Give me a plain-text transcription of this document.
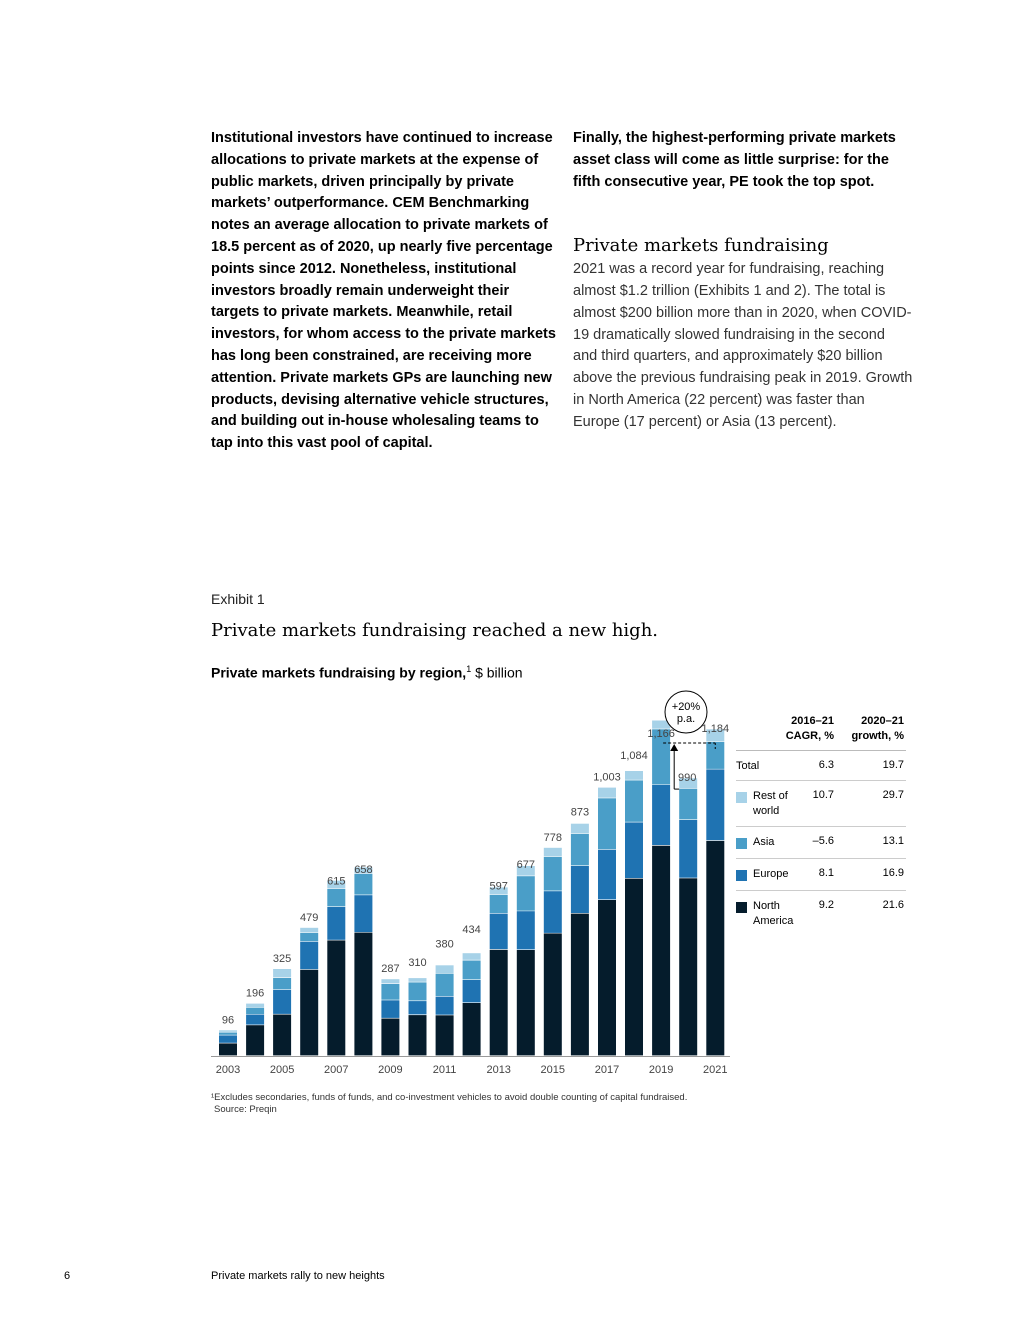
Institutional investors have continued to increase allocations to private markets at the expense of public markets, driven principally by private markets’ outperformance. CEM Benchmarking notes an average allocation to private markets of 18.5 percent as of 2020, up nearly five percentage points since 2012. Nonetheless, institutional investors broadly remain underweight their targets to private markets. Meanwhile, retail investors, for whom access to the private markets has long been constrained, are receiving more attention. Private markets GPs are launching new products, devising alternative vehicle structures, and building out in-house wholesaling teams to tap into this vast pool of capital.

Finally, the highest-performing private markets asset class will come as little surprise: for the fifth consecutive year, PE took the top spot.

Private markets fundraising

2021 was a record year for fundraising, reaching almost $1.2 trillion (Exhibits 1 and 2). The total is almost $200 billion more than in 2020, when COVID-19 dramatically slowed fundraising in the second and third quarters, and approximately $20 billion above the previous fundraising peak in 2019. Growth in North America (22 percent) was faster than Europe (17 percent) or Asia (13 percent).

Exhibit 1
Private markets fundraising reached a new high.
Private markets fundraising by region,$^1$ $ billion
96
196
325
479
615
658
287
310
380
434
597
677
778
873
1,003
1,084
1,166
990
1,184
2003	2005	2007	2009	2011	2013	2015	2017	2019	2021
+20%
p.a.	2016–21
CAGR, %
2020–21
growth, %
Total	6.3	19.7
Rest of
world
10.7	29.7
Asia	–5.6	13.1
Europe	8.1	16.9
North
America
9.2	21.6
¹Excludes secondaries, funds of funds, and co-investment vehicles to avoid double counting of capital fundraised.
Source: Preqin
6	Private markets rally to new heights
